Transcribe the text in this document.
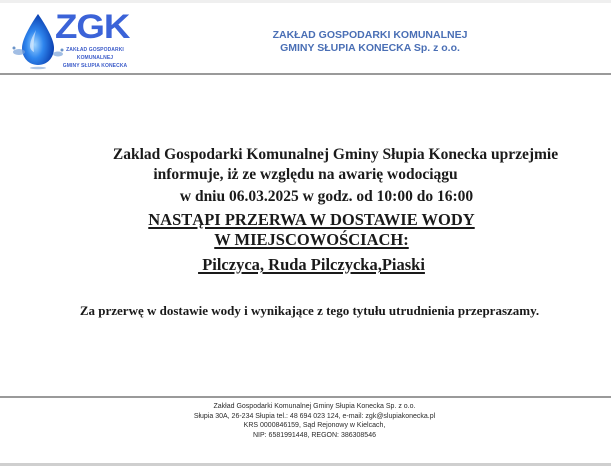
ZGK
ZAKŁAD GOSPODARKI
KOMUNALNEJ
GMINY SŁUPIA KONECKA
ZAKŁAD GOSPODARKI KOMUNALNEJ
GMINY SŁUPIA KONECKA Sp. z o.o.
Zaklad Gospodarki Komunalnej Gminy Słupia Konecka uprzejmie
informuje, iż ze względu na awarię wodociągu
w dniu 06.03.2025 w godz. od 10:00 do 16:00
NASTĄPI PRZERWA W DOSTAWIE WODY
W MIEJSCOWOŚCIACH:
Pilczyca, Ruda Pilczycka,Piaski
Za przerwę w dostawie wody i wynikające z tego tytułu utrudnienia przepraszamy.
Zakład Gospodarki Komunalnej Gminy Słupia Konecka Sp. z o.o.
Słupia 30A, 26-234 Słupia tel.: 48 694 023 124, e-mail: zgk@slupiakonecka.pl
KRS 0000846159, Sąd Rejonowy w Kielcach,
NIP: 6581991448, REGON: 386308546
